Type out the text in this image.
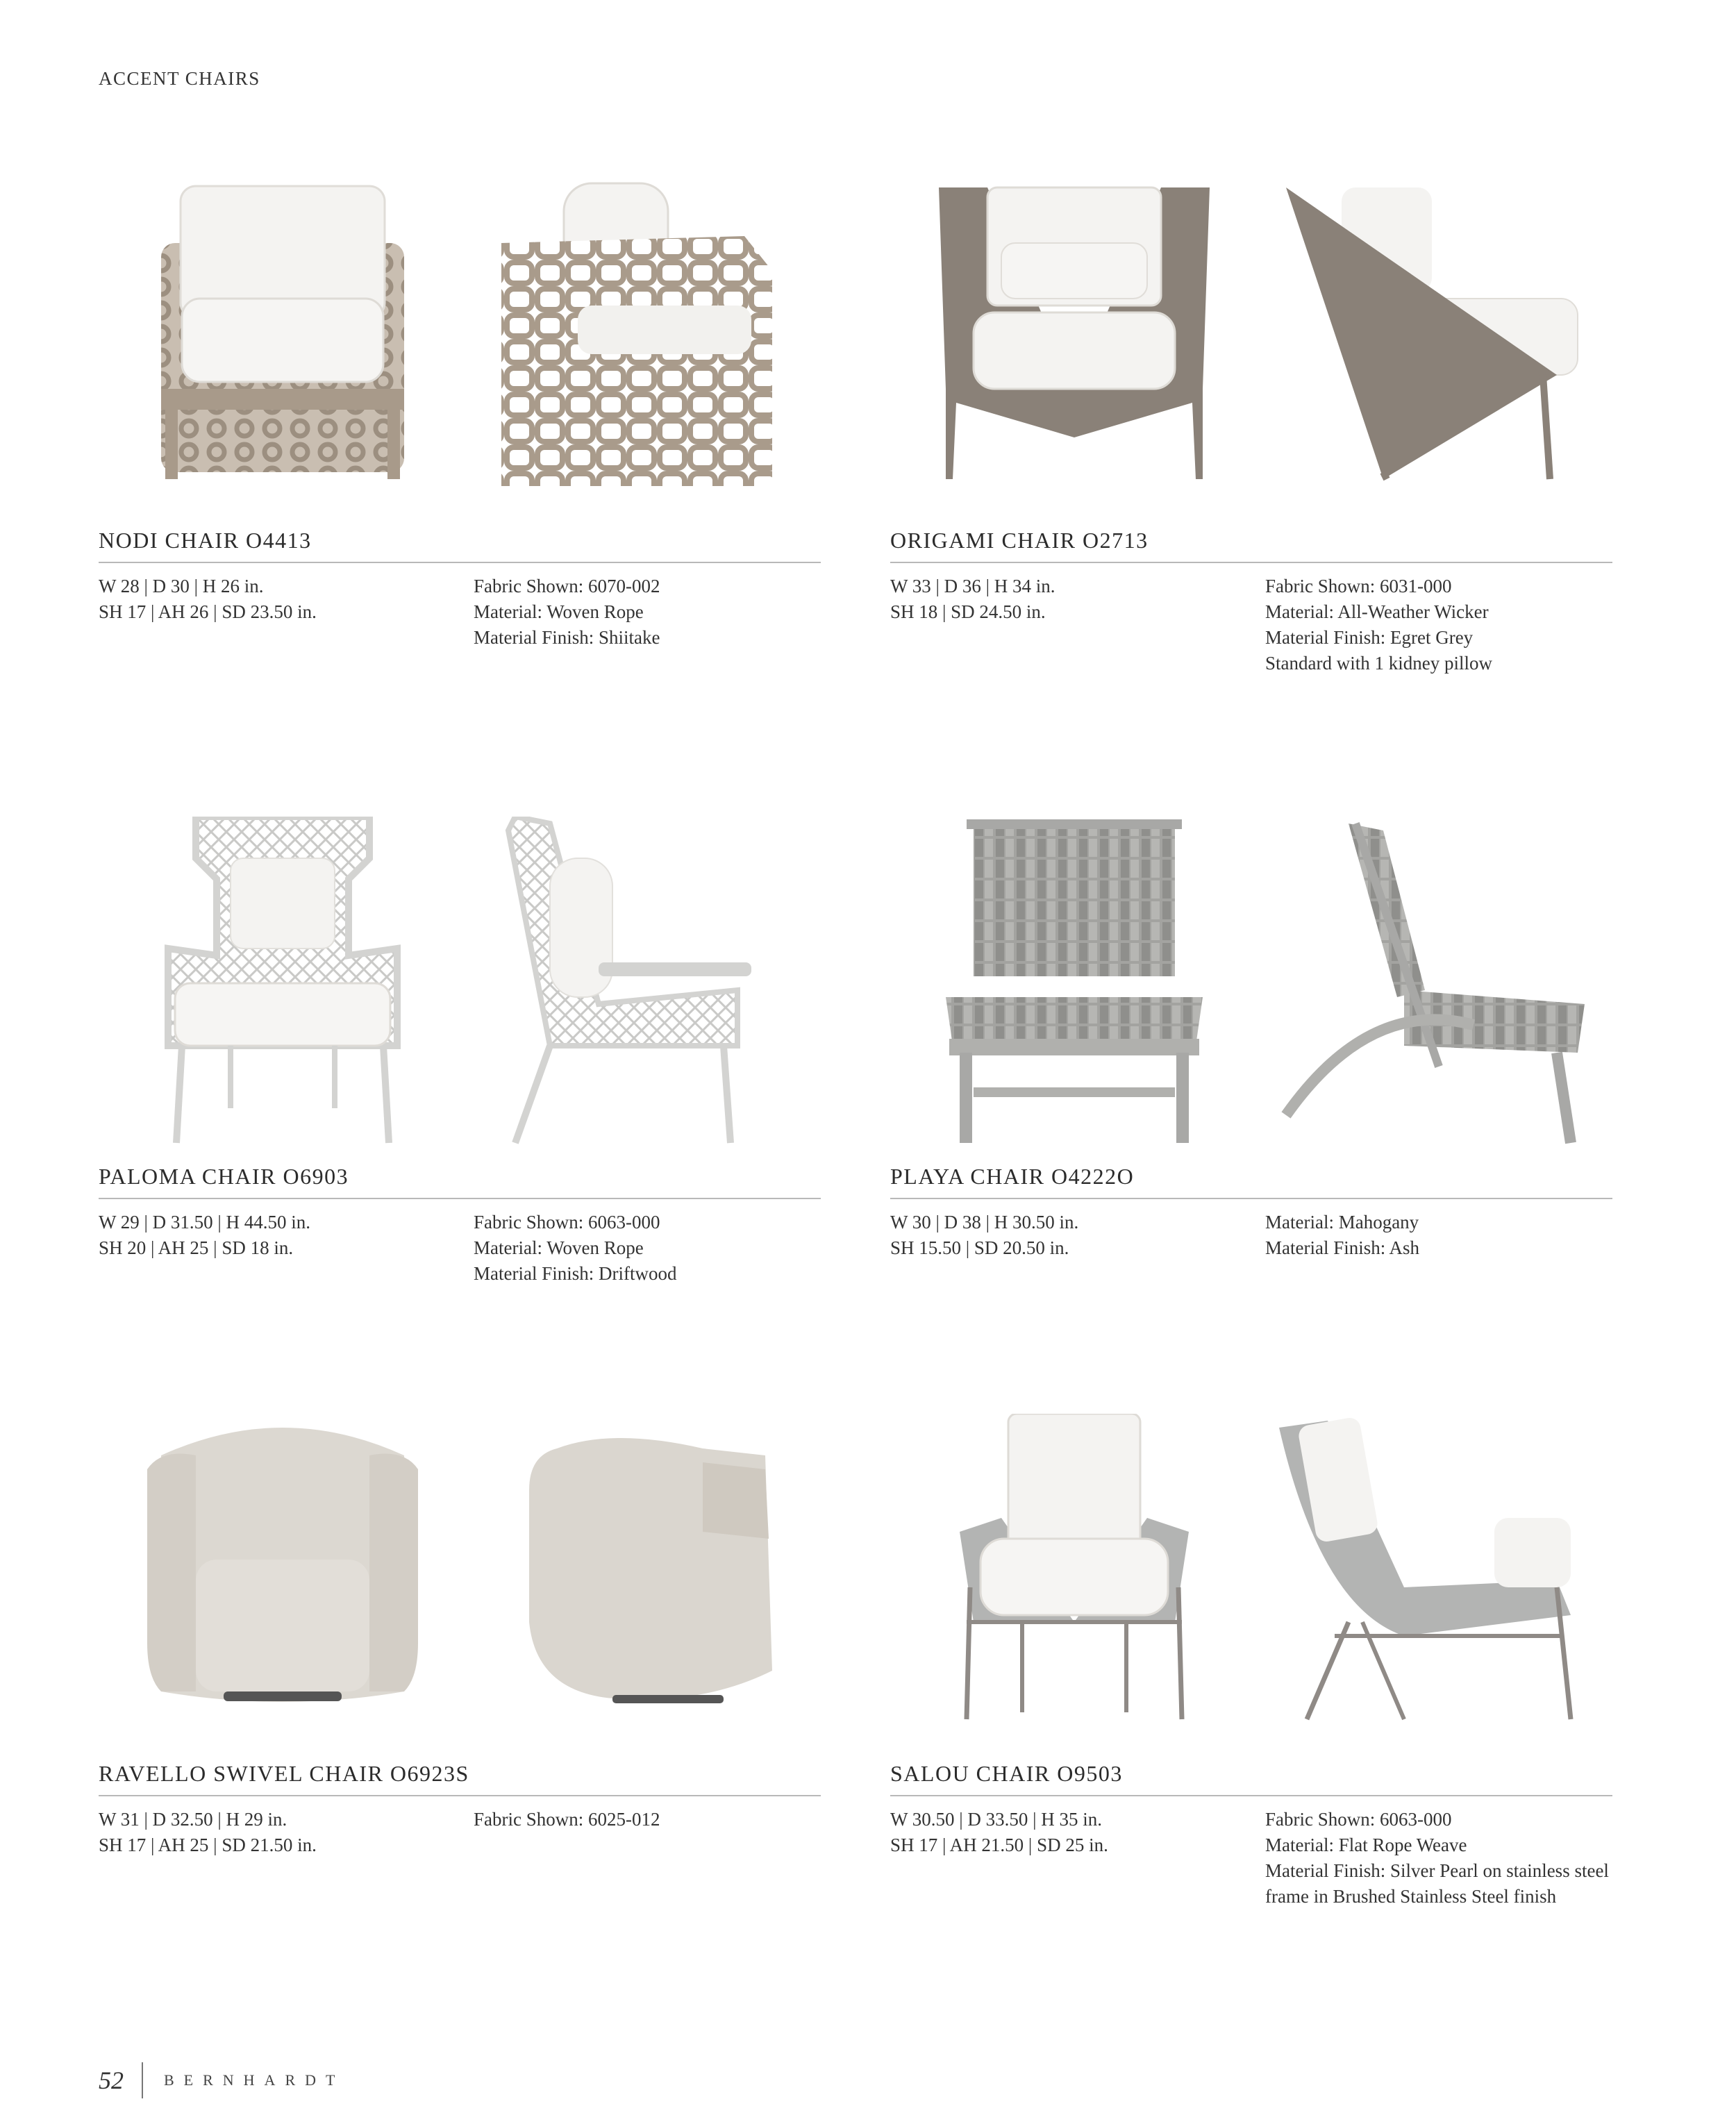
ACCENT CHAIRS
NODI CHAIR O4413
W 28 | D 30 | H 26 in.
SH 17 | AH 26 | SD 23.50 in.
Fabric Shown: 6070-002
Material: Woven Rope
Material Finish: Shiitake
ORIGAMI CHAIR O2713
W 33 | D 36 | H 34 in.
SH 18 | SD 24.50 in.
Fabric Shown: 6031-000
Material: All-Weather Wicker
Material Finish: Egret Grey
Standard with 1 kidney pillow
PALOMA CHAIR O6903
W 29 | D 31.50 | H 44.50 in.
SH 20 | AH 25 | SD 18 in.
Fabric Shown: 6063-000
Material: Woven Rope
Material Finish: Driftwood
PLAYA CHAIR O4222O
W 30 | D 38 | H 30.50 in.
SH 15.50 | SD 20.50 in.
Material: Mahogany
Material Finish: Ash
RAVELLO SWIVEL CHAIR O6923S
W 31 | D 32.50 | H 29 in.
SH 17 | AH 25 | SD 21.50 in.
Fabric Shown: 6025-012
SALOU CHAIR O9503
W 30.50 | D 33.50 | H 35 in.
SH 17 | AH 21.50 | SD 25 in.
Fabric Shown: 6063-000
Material: Flat Rope Weave
Material Finish: Silver Pearl on stainless steel frame in Brushed Stainless Steel finish
52	BERNHARDT
